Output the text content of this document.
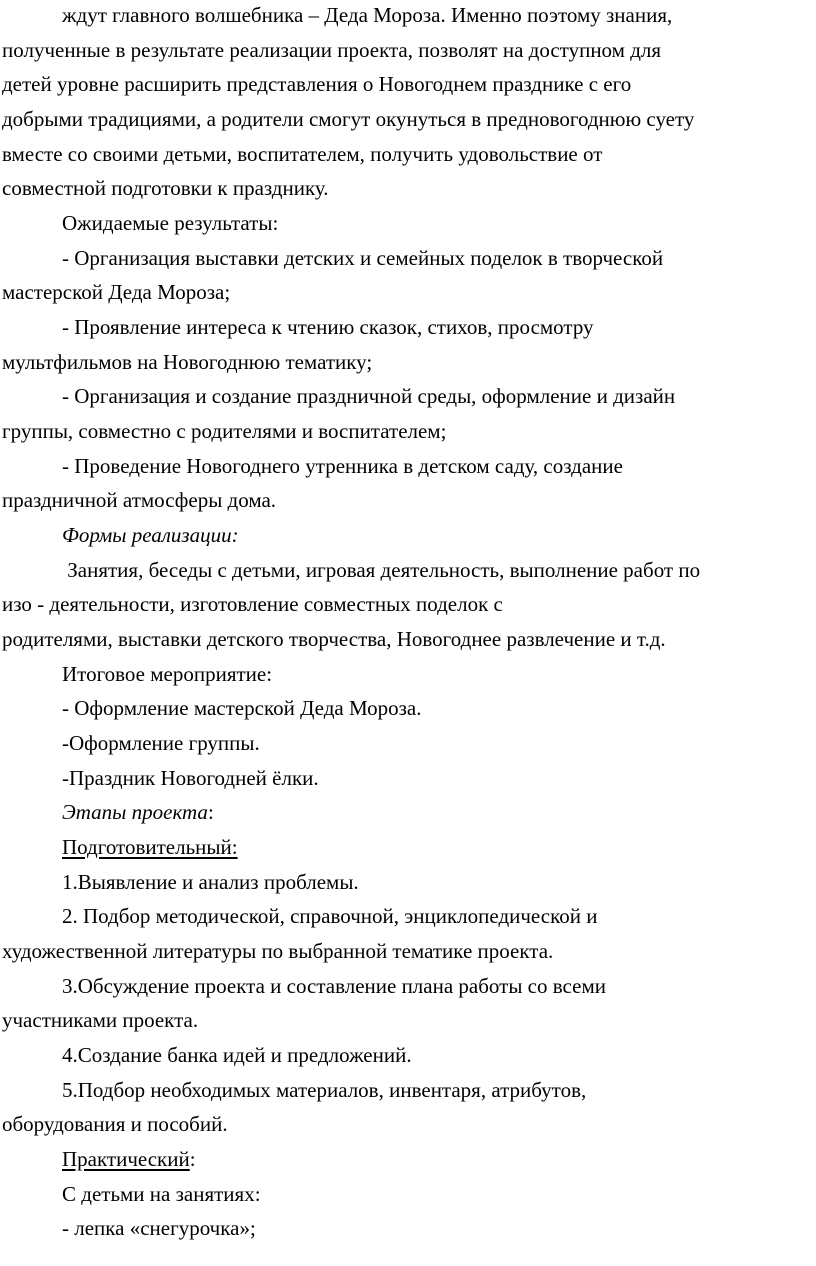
ждут главного волшебника – Деда Мороза. Именно поэтому знания,
полученные в результате реализации проекта, позволят на доступном для
детей уровне расширить представления о Новогоднем празднике с его
добрыми традициями, а родители смогут окунуться в предновогоднюю суету
вместе со своими детьми, воспитателем, получить удовольствие от
совместной подготовки к празднику.
Ожидаемые результаты:
- Организация выставки детских и семейных поделок в творческой
мастерской Деда Мороза;
- Проявление интереса к чтению сказок, стихов, просмотру
мультфильмов на Новогоднюю тематику;
- Организация и создание праздничной среды, оформление и дизайн
группы, совместно с родителями и воспитателем;
- Проведение Новогоднего утренника в детском саду, создание
праздничной атмосферы дома.
Формы реализации:
Занятия, беседы с детьми, игровая деятельность, выполнение работ по
изо - деятельности, изготовление совместных поделок с
родителями, выставки детского творчества, Новогоднее развлечение и т.д.
Итоговое мероприятие:
- Оформление мастерской Деда Мороза.
-Оформление группы.
-Праздник Новогодней ёлки.
Этапы проекта:
Подготовительный:
1.Выявление и анализ проблемы.
2. Подбор методической, справочной, энциклопедической и
художественной литературы по выбранной тематике проекта.
3.Обсуждение проекта и составление плана работы со всеми
участниками проекта.
4.Создание банка идей и предложений.
5.Подбор необходимых материалов, инвентаря, атрибутов,
оборудования и пособий.
Практический:
С детьми на занятиях:
- лепка «снегурочка»;
